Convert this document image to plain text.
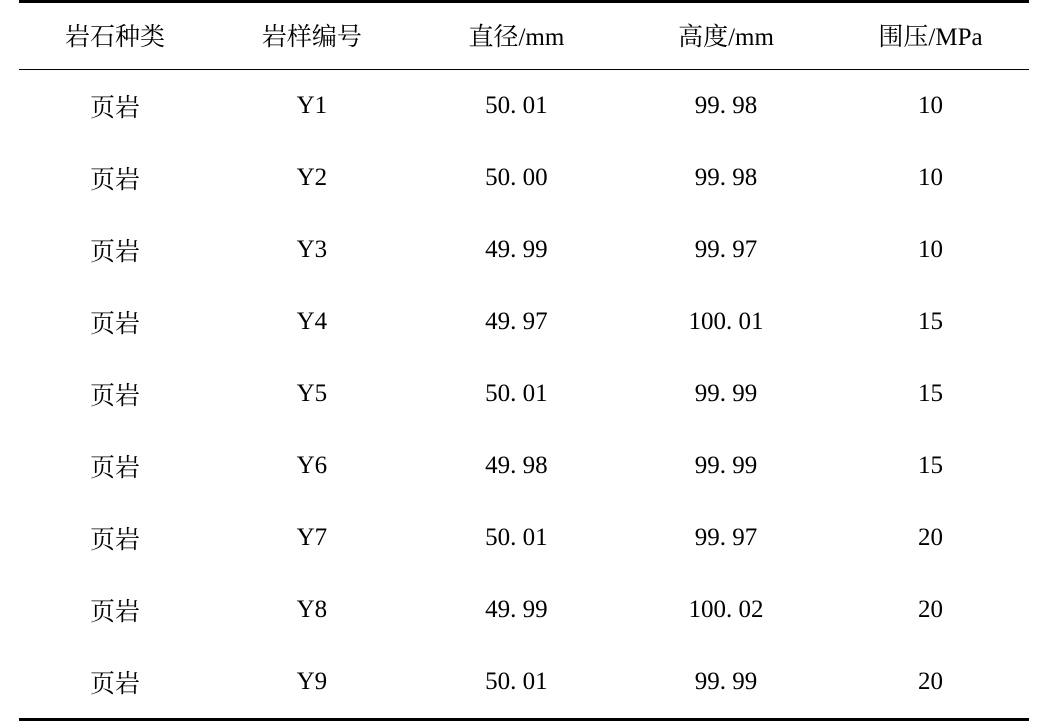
岩石种类	岩样编号	直径/mm	高度/mm	围压/MPa
页岩	Y1	50. 01	99. 98	10
页岩	Y2	50. 00	99. 98	10
页岩	Y3	49. 99	99. 97	10
页岩	Y4	49. 97	100. 01	15
页岩	Y5	50. 01	99. 99	15
页岩	Y6	49. 98	99. 99	15
页岩	Y7	50. 01	99. 97	20
页岩	Y8	49. 99	100. 02	20
页岩	Y9	50. 01	99. 99	20
